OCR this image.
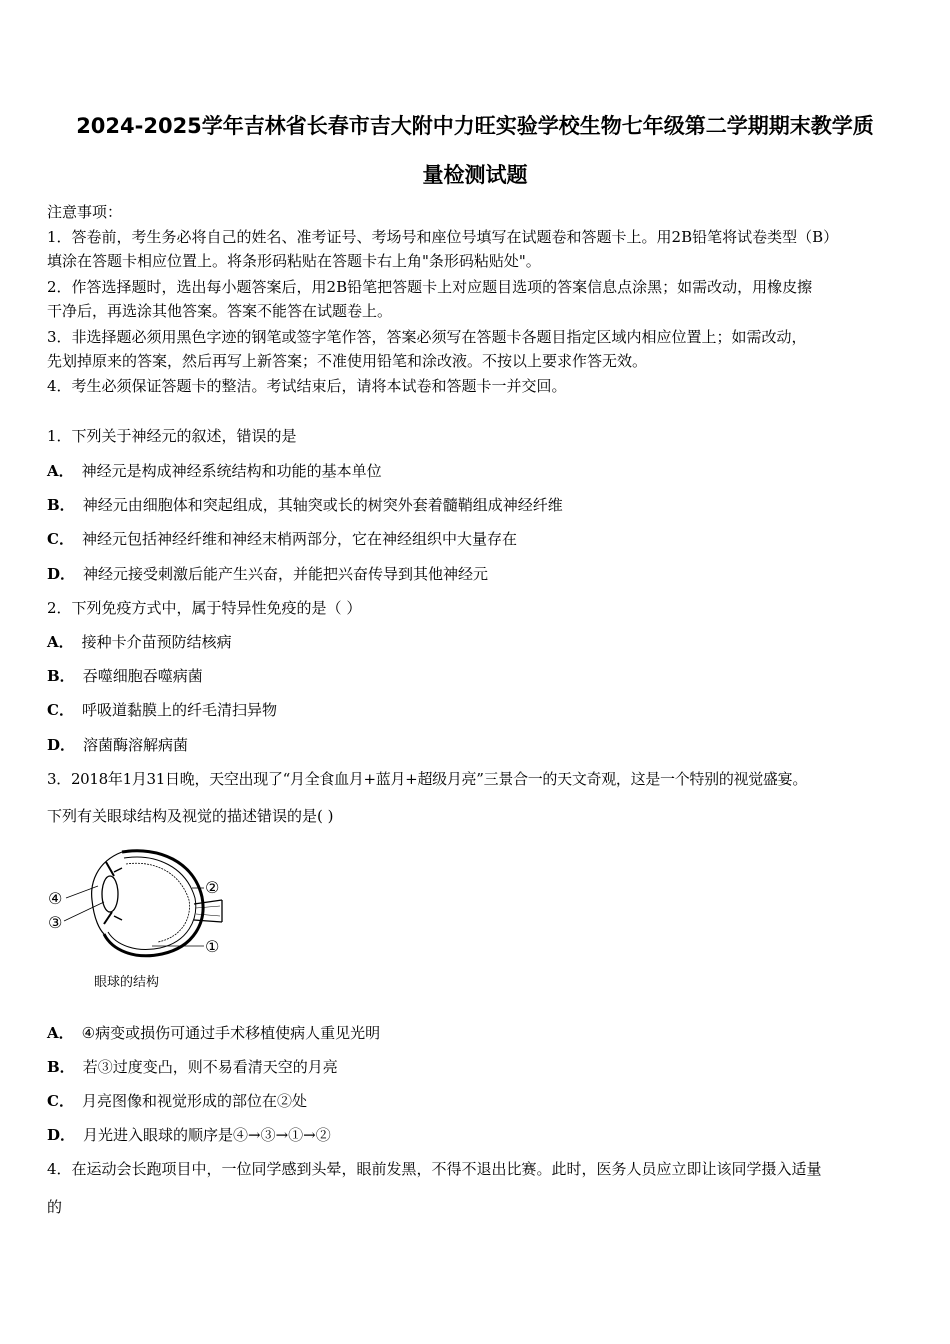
2024-2025学年吉林省长春市吉大附中力旺实验学校生物七年级第二学期期末教学质
量检测试题
注意事项：
1．答卷前，考生务必将自己的姓名、准考证号、考场号和座位号填写在试题卷和答题卡上。用2B铅笔将试卷类型（B）
填涂在答题卡相应位置上。将条形码粘贴在答题卡右上角"条形码粘贴处"。
2．作答选择题时，选出每小题答案后，用2B铅笔把答题卡上对应题目选项的答案信息点涂黑；如需改动，用橡皮擦
干净后，再选涂其他答案。答案不能答在试题卷上。
3．非选择题必须用黑色字迹的钢笔或签字笔作答，答案必须写在答题卡各题目指定区域内相应位置上；如需改动，
先划掉原来的答案，然后再写上新答案；不准使用铅笔和涂改液。不按以上要求作答无效。
4．考生必须保证答题卡的整洁。考试结束后，请将本试卷和答题卡一并交回。
1．下列关于神经元的叙述，错误的是
A． 神经元是构成神经系统结构和功能的基本单位
B． 神经元由细胞体和突起组成，其轴突或长的树突外套着髓鞘组成神经纤维
C． 神经元包括神经纤维和神经末梢两部分，它在神经组织中大量存在
D． 神经元接受刺激后能产生兴奋，并能把兴奋传导到其他神经元
2．下列免疫方式中，属于特异性免疫的是（ ）
A． 接种卡介苗预防结核病
B． 吞噬细胞吞噬病菌
C． 呼吸道黏膜上的纤毛清扫异物
D． 溶菌酶溶解病菌
3．2018年1月31日晚，天空出现了“月全食血月+蓝月+超级月亮”三景合一的天文奇观，这是一个特别的视觉盛宴。
下列有关眼球结构及视觉的描述错误的是( )
④
③
②
①
眼球的结构
A． ④病变或损伤可通过手术移植使病人重见光明
B． 若③过度变凸，则不易看清天空的月亮
C． 月亮图像和视觉形成的部位在②处
D． 月光进入眼球的顺序是④→③→①→②
4．在运动会长跑项目中，一位同学感到头晕，眼前发黑，不得不退出比赛。此时，医务人员应立即让该同学摄入适量
的
